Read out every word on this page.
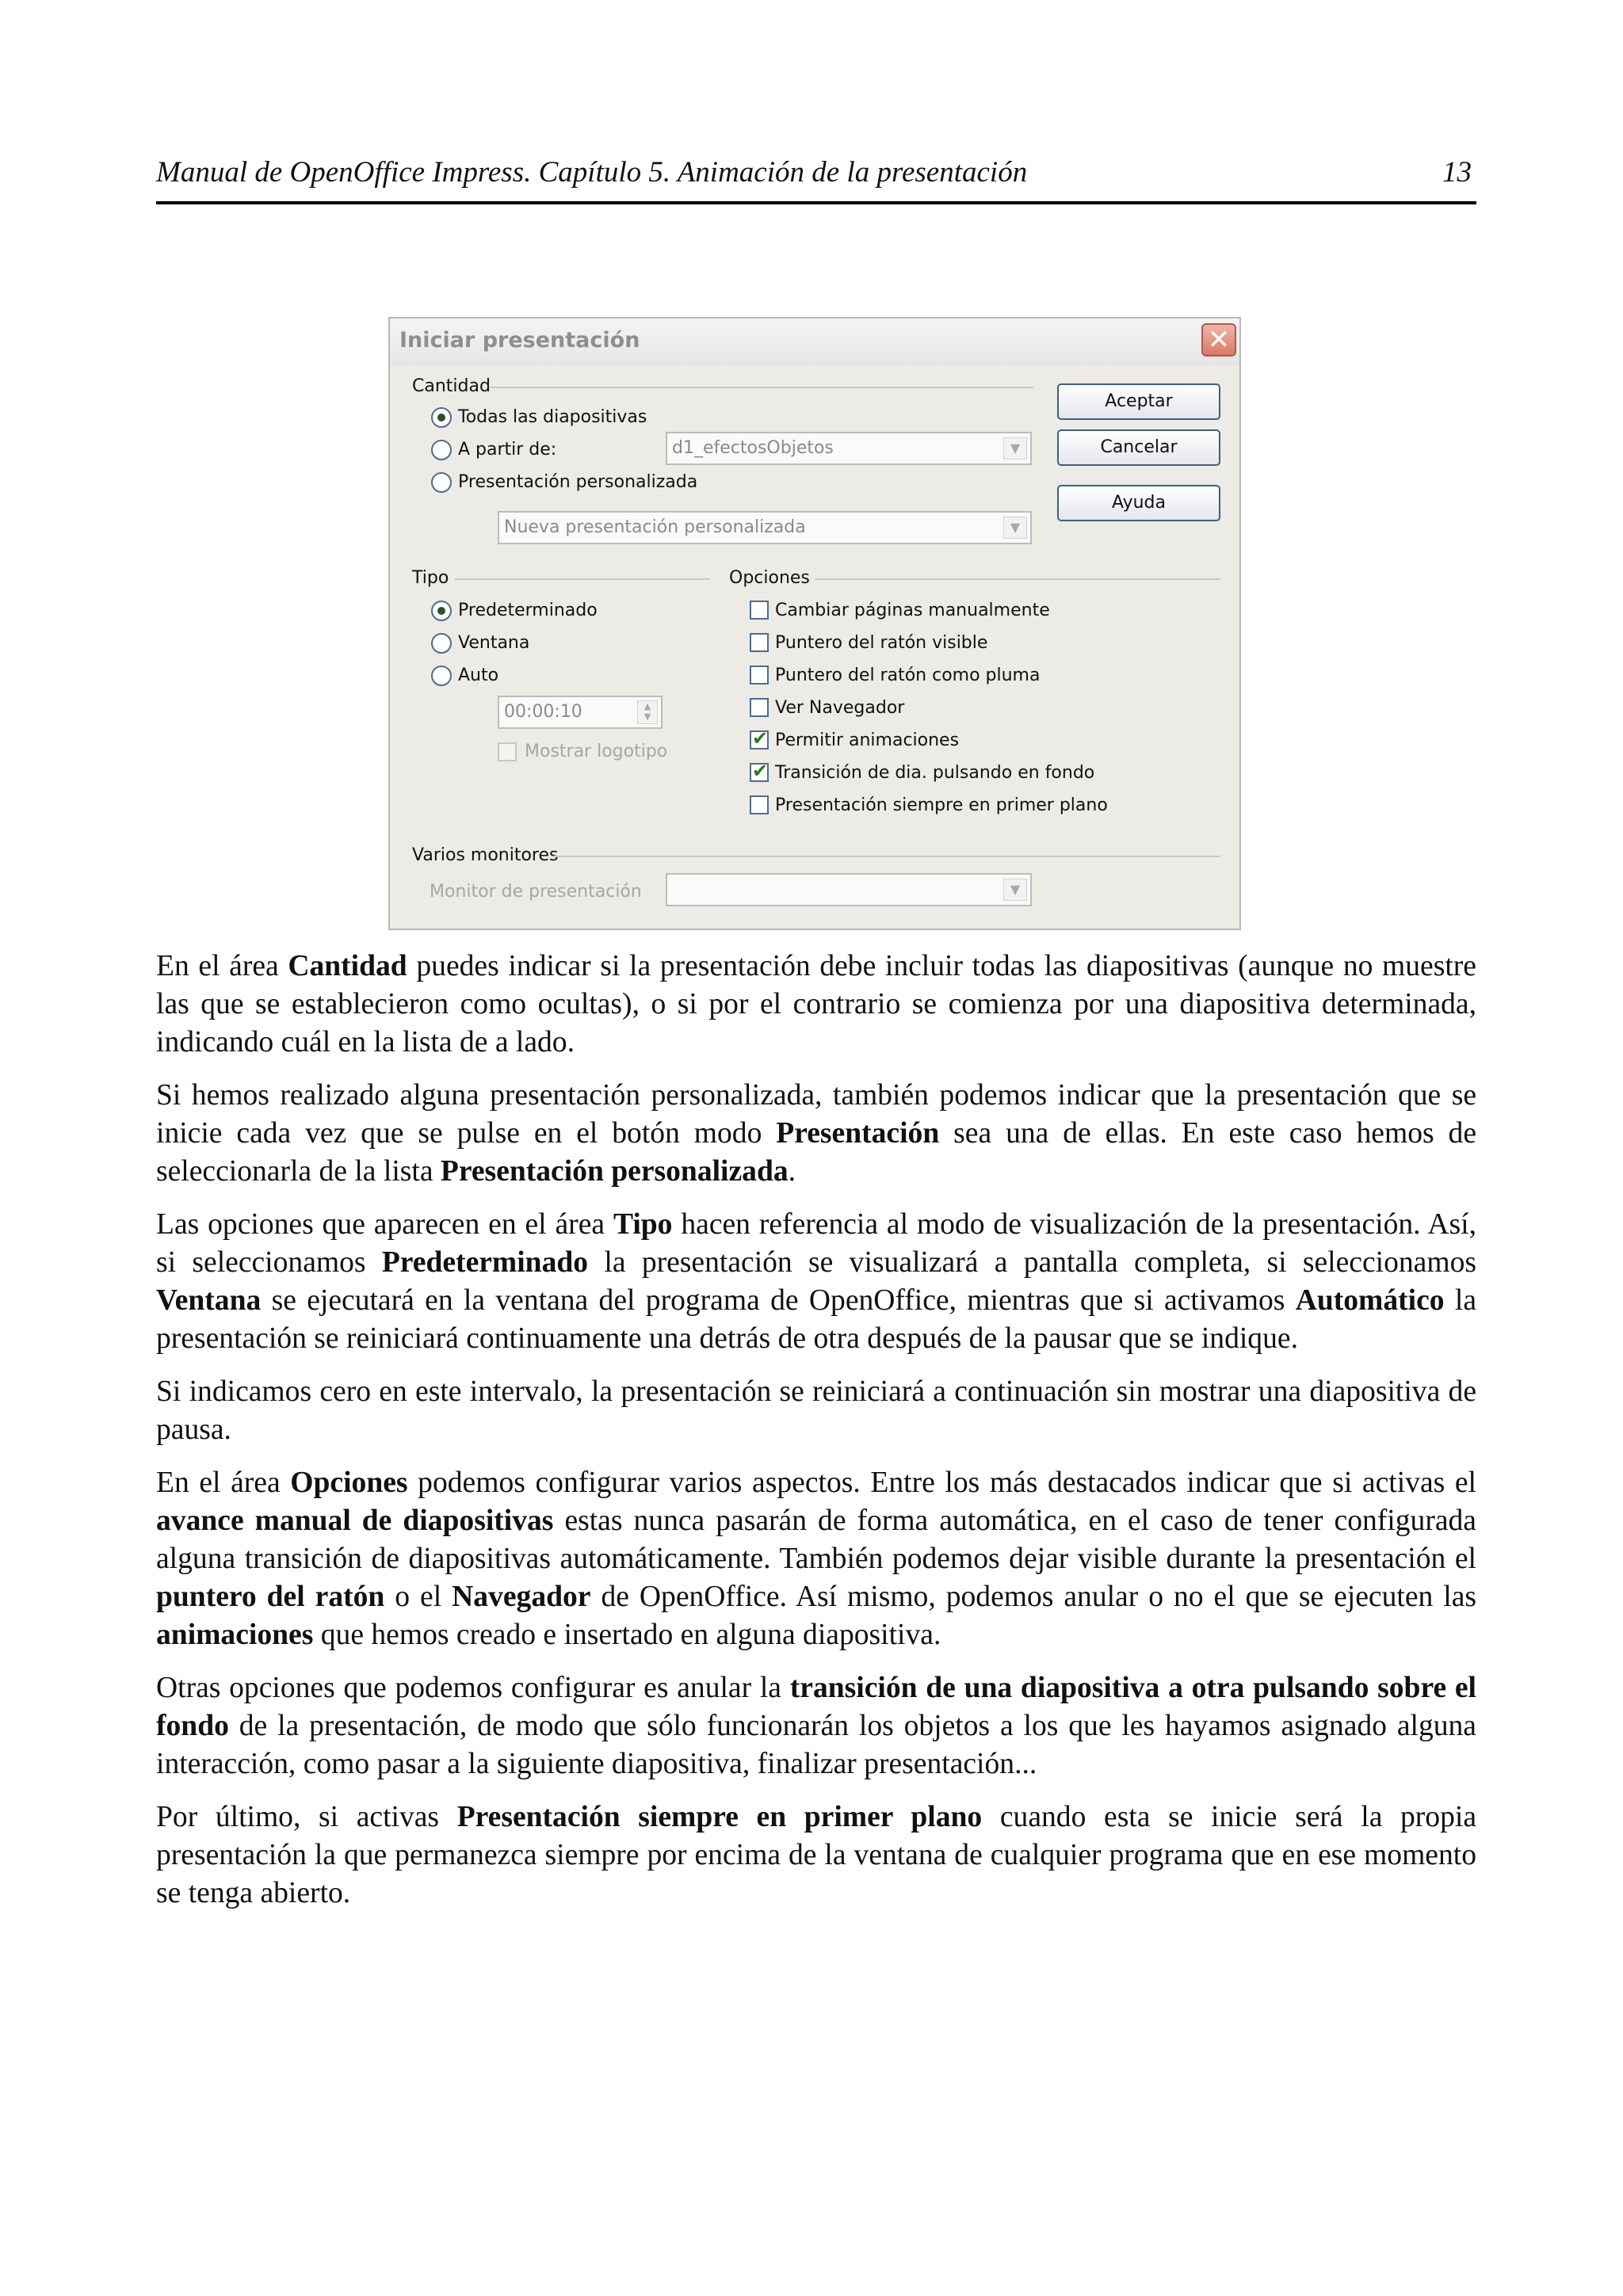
Manual de OpenOffice Impress. Capítulo 5. Animación de la presentación	13
Iniciar presentación	✕
Cantidad
Todas las diapositivas
A partir de:	d1_efectosObjetos	▼
Presentación personalizada
Nueva presentación personalizada	▼
Aceptar
Cancelar
Ayuda
Tipo
Predeterminado
Ventana
Auto
00:00:10	▲
▼
Mostrar logotipo
Opciones
Cambiar páginas manualmente
Puntero del ratón visible
Puntero del ratón como pluma
Ver Navegador
✔ Permitir animaciones
✔ Transición de dia. pulsando en fondo
Presentación siempre en primer plano
Varios monitores
Monitor de presentación	▼

En el área Cantidad puedes indicar si la presentación debe incluir todas las diapositivas (aunque no muestre las que se establecieron como ocultas), o si por el contrario se comienza por una diapositiva determinada, indicando cuál en la lista de a lado.

Si hemos realizado alguna presentación personalizada, también podemos indicar que la presentación que se inicie cada vez que se pulse en el botón modo Presentación sea una de ellas. En este caso hemos de seleccionarla de la lista Presentación personalizada.

Las opciones que aparecen en el área Tipo hacen referencia al modo de visualización de la presentación. Así, si seleccionamos Predeterminado la presentación se visualizará a pantalla completa, si seleccionamos Ventana se ejecutará en la ventana del programa de OpenOffice, mientras que si activamos Automático la presentación se reiniciará continuamente una detrás de otra después de la pausar que se indique.

Si indicamos cero en este intervalo, la presentación se reiniciará a continuación sin mostrar una diapositiva de pausa.

En el área Opciones podemos configurar varios aspectos. Entre los más destacados indicar que si activas el avance manual de diapositivas estas nunca pasarán de forma automática, en el caso de tener configurada alguna transición de diapositivas automáticamente. También podemos dejar visible durante la presentación el puntero del ratón o el Navegador de OpenOffice. Así mismo, podemos anular o no el que se ejecuten las animaciones que hemos creado e insertado en alguna diapositiva.

Otras opciones que podemos configurar es anular la transición de una diapositiva a otra pulsando sobre el fondo de la presentación, de modo que sólo funcionarán los objetos a los que les hayamos asignado alguna interacción, como pasar a la siguiente diapositiva, finalizar presentación...

Por último, si activas Presentación siempre en primer plano cuando esta se inicie será la propia presentación la que permanezca siempre por encima de la ventana de cualquier programa que en ese momento se tenga abierto.
